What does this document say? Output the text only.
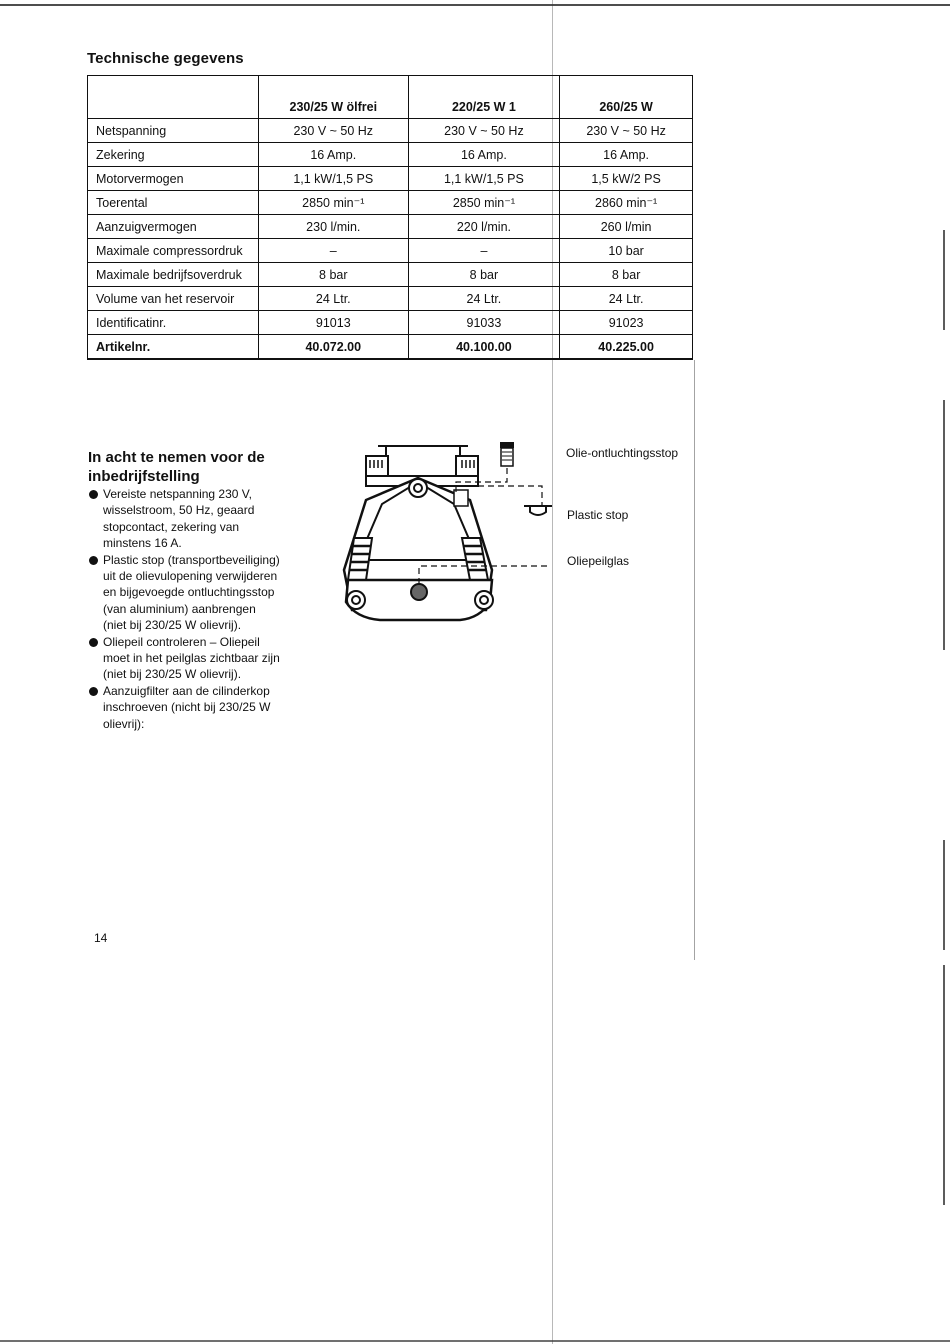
Technische gegevens
	230/25 W ölfrei	220/25 W 1	260/25 W
Netspanning	230 V ~ 50 Hz	230 V ~ 50 Hz	230 V ~ 50 Hz
Zekering	16 Amp.	16 Amp.	16 Amp.
Motorvermogen	1,1 kW/1,5 PS	1,1 kW/1,5 PS	1,5 kW/2 PS
Toerental	2850 min⁻¹	2850 min⁻¹	2860 min⁻¹
Aanzuigvermogen	230 l/min.	220 l/min.	260 l/min
Maximale compressordruk	–	–	10 bar
Maximale bedrijfsoverdruk	8 bar	8 bar	8 bar
Volume van het reservoir	24 Ltr.	24 Ltr.	24 Ltr.
Identificatinr.	91013	91033	91023
Artikelnr.	40.072.00	40.100.00	40.225.00
In acht te nemen voor de inbedrijfstelling
Vereiste netspanning 230 V, wisselstroom, 50 Hz, geaard stopcontact, zekering van minstens 16 A.
Plastic stop (transportbeveiliging) uit de olievulopening verwijderen en bijgevoegde ontluchtingsstop (van aluminium) aanbrengen (niet bij 230/25 W olievrij).
Oliepeil controleren – Oliepeil moet in het peilglas zichtbaar zijn (niet bij 230/25 W olievrij).
Aanzuigfilter aan de cilinderkop inschroeven (nicht bij 230/25 W olievrij):
Olie-ontluchtingsstop
Plastic stop
Oliepeilglas
14
